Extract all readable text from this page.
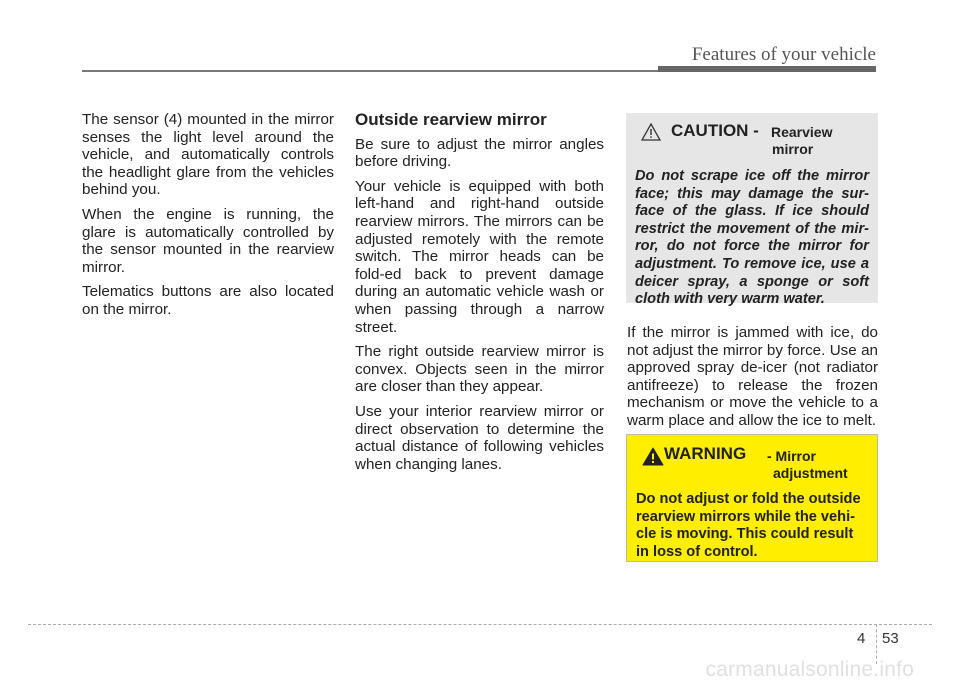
Features of your vehicle

The sensor (4) mounted in the mirror senses the light level around the vehicle, and automatically controls the headlight glare from the vehicles behind you.

When the engine is running, the glare is automatically controlled by the sensor mounted in the rearview mirror.

Telematics buttons are also located on the mirror.

Outside rearview mirror

Be sure to adjust the mirror angles before driving.

Your vehicle is equipped with both left-hand and right-hand outside rearview mirrors. The mirrors can be adjusted remotely with the remote switch. The mirror heads can be fold-ed back to prevent damage during an automatic vehicle wash or when passing through a narrow street.

The right outside rearview mirror is convex. Objects seen in the mirror are closer than they appear.

Use your interior rearview mirror or direct observation to determine the actual distance of following vehicles when changing lanes.

CAUTION - Rearview
mirror

Do not scrape ice off the mirror face; this may damage the sur-face of the glass. If ice should restrict the movement of the mir-ror, do not force the mirror for adjustment. To remove ice, use a deicer spray, a sponge or soft cloth with very warm water.

If the mirror is jammed with ice, do not adjust the mirror by force. Use an approved spray de-icer (not radiator antifreeze) to release the frozen mechanism or move the vehicle to a warm place and allow the ice to melt.

WARNING - Mirror
adjustment

Do not adjust or fold the outside rearview mirrors while the vehi-cle is moving. This could result in loss of control.

4 53
carmanualsonline.info
